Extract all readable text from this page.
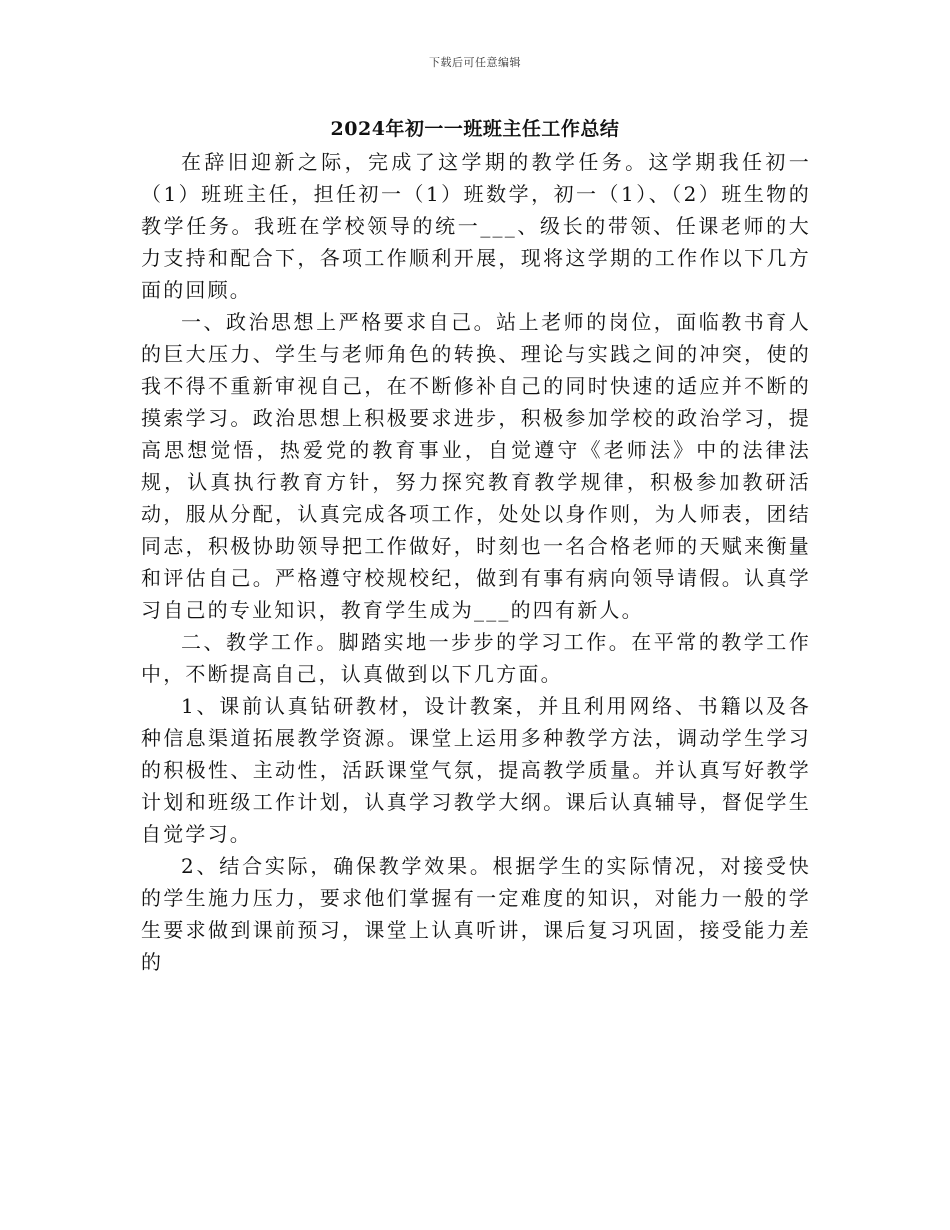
下载后可任意编辑
2024年初一一班班主任工作总结

在辞旧迎新之际，完成了这学期的教学任务。这学期我任初一（1）班班主任，担任初一（1）班数学，初一（1）、（2）班生物的教学任务。我班在学校领导的统一___、级长的带领、任课老师的大力支持和配合下，各项工作顺利开展，现将这学期的工作作以下几方面的回顾。

一、政治思想上严格要求自己。站上老师的岗位，面临教书育人的巨大压力、学生与老师角色的转换、理论与实践之间的冲突，使的我不得不重新审视自己，在不断修补自己的同时快速的适应并不断的摸索学习。政治思想上积极要求进步，积极参加学校的政治学习，提高思想觉悟，热爱党的教育事业，自觉遵守《老师法》中的法律法规，认真执行教育方针，努力探究教育教学规律，积极参加教研活动，服从分配，认真完成各项工作，处处以身作则，为人师表，团结同志，积极协助领导把工作做好，时刻也一名合格老师的天赋来衡量和评估自己。严格遵守校规校纪，做到有事有病向领导请假。认真学习自己的专业知识，教育学生成为___的四有新人。

二、教学工作。脚踏实地一步步的学习工作。在平常的教学工作中，不断提高自己，认真做到以下几方面。

1、课前认真钻研教材，设计教案，并且利用网络、书籍以及各种信息渠道拓展教学资源。课堂上运用多种教学方法，调动学生学习的积极性、主动性，活跃课堂气氛，提高教学质量。并认真写好教学计划和班级工作计划，认真学习教学大纲。课后认真辅导，督促学生自觉学习。

2、结合实际，确保教学效果。根据学生的实际情况，对接受快的学生施力压力，要求他们掌握有一定难度的知识，对能力一般的学生要求做到课前预习，课堂上认真听讲，课后复习巩固，接受能力差的
